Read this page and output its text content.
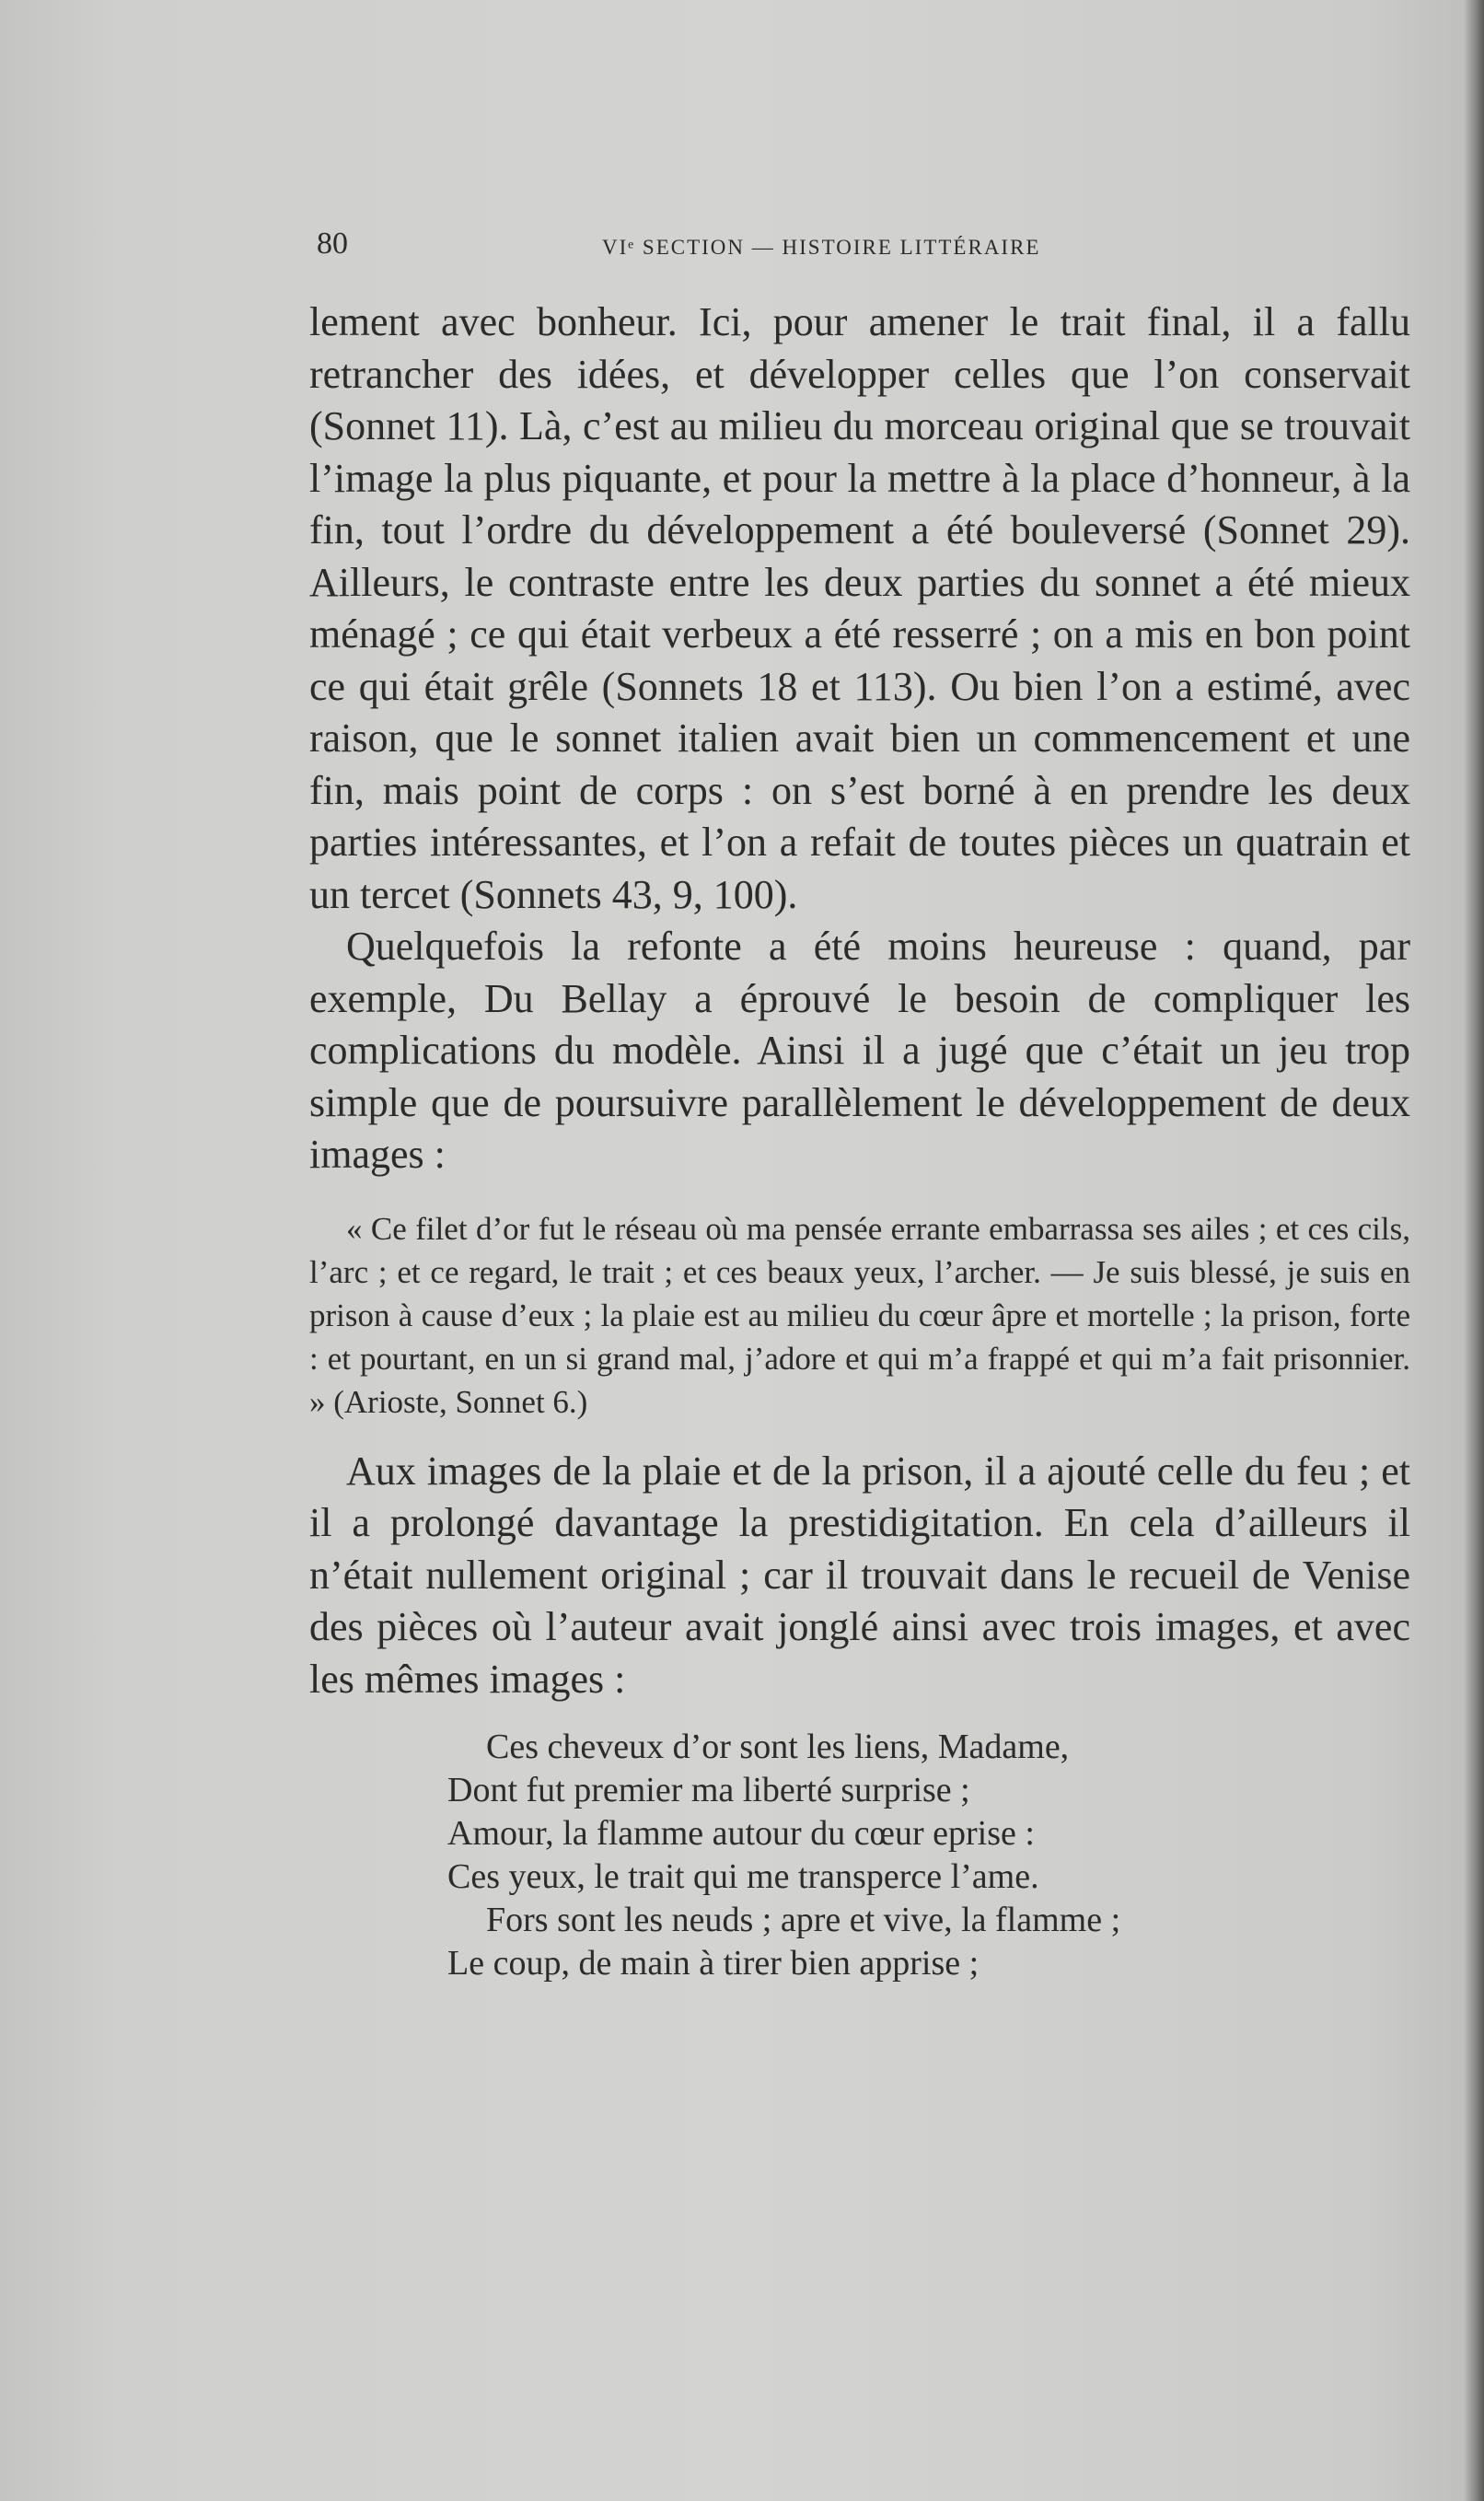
80	VIᵉ SECTION — HISTOIRE LITTÉRAIRE

lement avec bonheur. Ici, pour amener le trait final, il a fallu retrancher des idées, et développer celles que l’on conservait (Sonnet 11). Là, c’est au milieu du morceau original que se trouvait l’image la plus piquante, et pour la mettre à la place d’honneur, à la fin, tout l’ordre du développement a été bouleversé (Sonnet 29). Ailleurs, le contraste entre les deux parties du sonnet a été mieux ménagé ; ce qui était verbeux a été resserré ; on a mis en bon point ce qui était grêle (Sonnets 18 et 113). Ou bien l’on a estimé, avec raison, que le sonnet italien avait bien un commencement et une fin, mais point de corps : on s’est borné à en prendre les deux parties intéressantes, et l’on a refait de toutes pièces un quatrain et un tercet (Sonnets 43, 9, 100).

Quelquefois la refonte a été moins heureuse : quand, par exemple, Du Bellay a éprouvé le besoin de compliquer les complications du modèle. Ainsi il a jugé que c’était un jeu trop simple que de poursuivre parallèlement le développement de deux images :

« Ce filet d’or fut le réseau où ma pensée errante embarrassa ses ailes ; et ces cils, l’arc ; et ce regard, le trait ; et ces beaux yeux, l’archer. — Je suis blessé, je suis en prison à cause d’eux ; la plaie est au milieu du cœur âpre et mortelle ; la prison, forte : et pourtant, en un si grand mal, j’adore et qui m’a frappé et qui m’a fait prisonnier. » (Arioste, Sonnet 6.)

Aux images de la plaie et de la prison, il a ajouté celle du feu ; et il a prolongé davantage la prestidigitation. En cela d’ailleurs il n’était nullement original ; car il trouvait dans le recueil de Venise des pièces où l’auteur avait jonglé ainsi avec trois images, et avec les mêmes images :

Ces cheveux d’or sont les liens, Madame,
Dont fut premier ma liberté surprise ;
Amour, la flamme autour du cœur eprise :
Ces yeux, le trait qui me transperce l’ame.
Fors sont les neuds ; apre et vive, la flamme ;
Le coup, de main à tirer bien apprise ;
